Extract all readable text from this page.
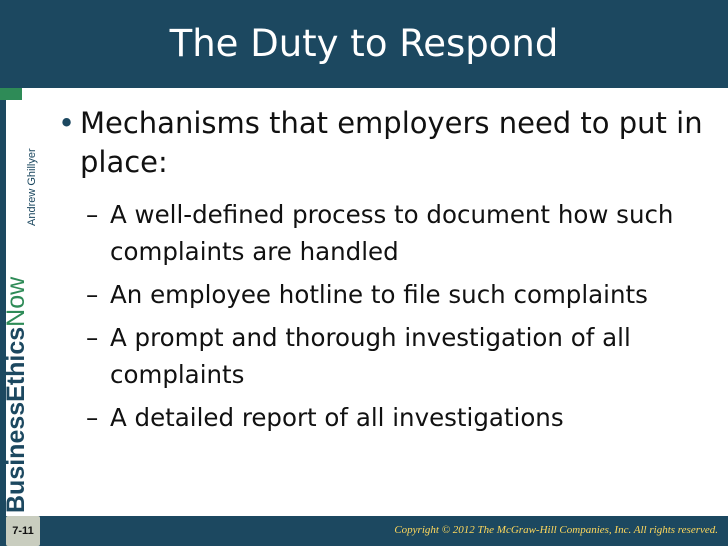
The Duty to Respond
Andrew Ghillyer
BusinessEthicsNow
• Mechanisms that employers need to put in place:
– A well-defined process to document how such complaints are handled
– An employee hotline to file such complaints
– A prompt and thorough investigation of all complaints
– A detailed report of all investigations
7-11	Copyright © 2012 The McGraw-Hill Companies, Inc. All rights reserved.
